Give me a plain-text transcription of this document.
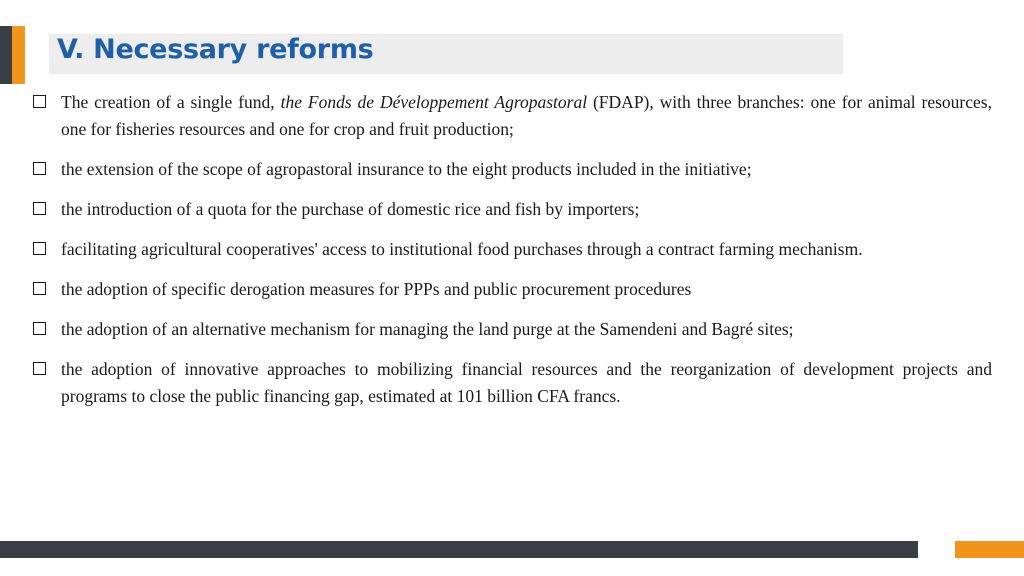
V. Necessary reforms
The creation of a single fund, the Fonds de Développement Agropastoral (FDAP), with three branches: one for animal resources, one for fisheries resources and one for crop and fruit production;
the extension of the scope of agropastoral insurance to the eight products included in the initiative;
the introduction of a quota for the purchase of domestic rice and fish by importers;
facilitating agricultural cooperatives' access to institutional food purchases through a contract farming mechanism.
the adoption of specific derogation measures for PPPs and public procurement procedures
the adoption of an alternative mechanism for managing the land purge at the Samendeni and Bagré sites;
the adoption of innovative approaches to mobilizing financial resources and the reorganization of development projects and programs to close the public financing gap, estimated at 101 billion CFA francs.
